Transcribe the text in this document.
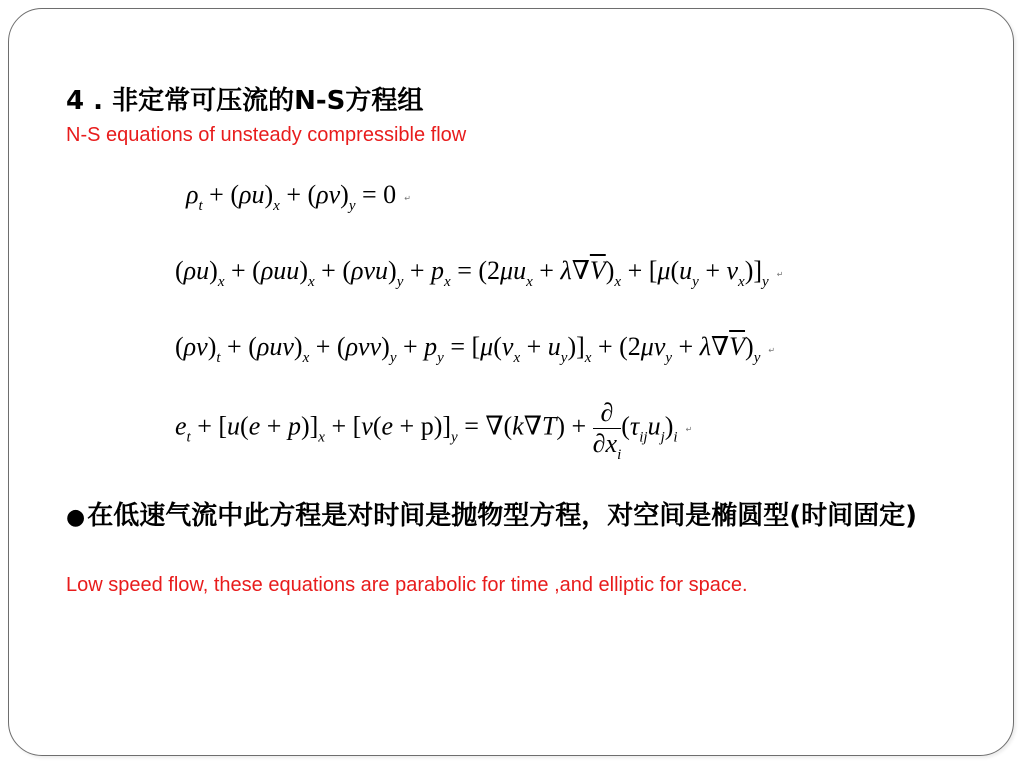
4 . 非定常可压流的N-S方程组
N-S equations of unsteady compressible flow
$\rho_t + (\rho u)_x + (\rho v)_y = 0$ ↵
$(\rho u)_x + (\rho uu)_x + (\rho vu)_y + p_x = (2\mu u_x + \lambda\nabla\overline{V})_x + [\mu(u_y + v_x)]_y$ ↵
$(\rho v)_t + (\rho uv)_x + (\rho vv)_y + p_y = [\mu(v_x + u_y)]_x + (2\mu v_y + \lambda\nabla\overline{V})_y$ ↵
$e_t + [u(e + p)]_x + [v(e + p)]_y = \nabla(k\nabla T) + \frac{\partial}{\partial x_i} (\tau_{ij}u_j)_i$ ↵
●在低速气流中此方程是对时间是抛物型方程，对空间是椭圆型(时间固定)
Low speed flow, these equations are parabolic for time ,and elliptic for space.
